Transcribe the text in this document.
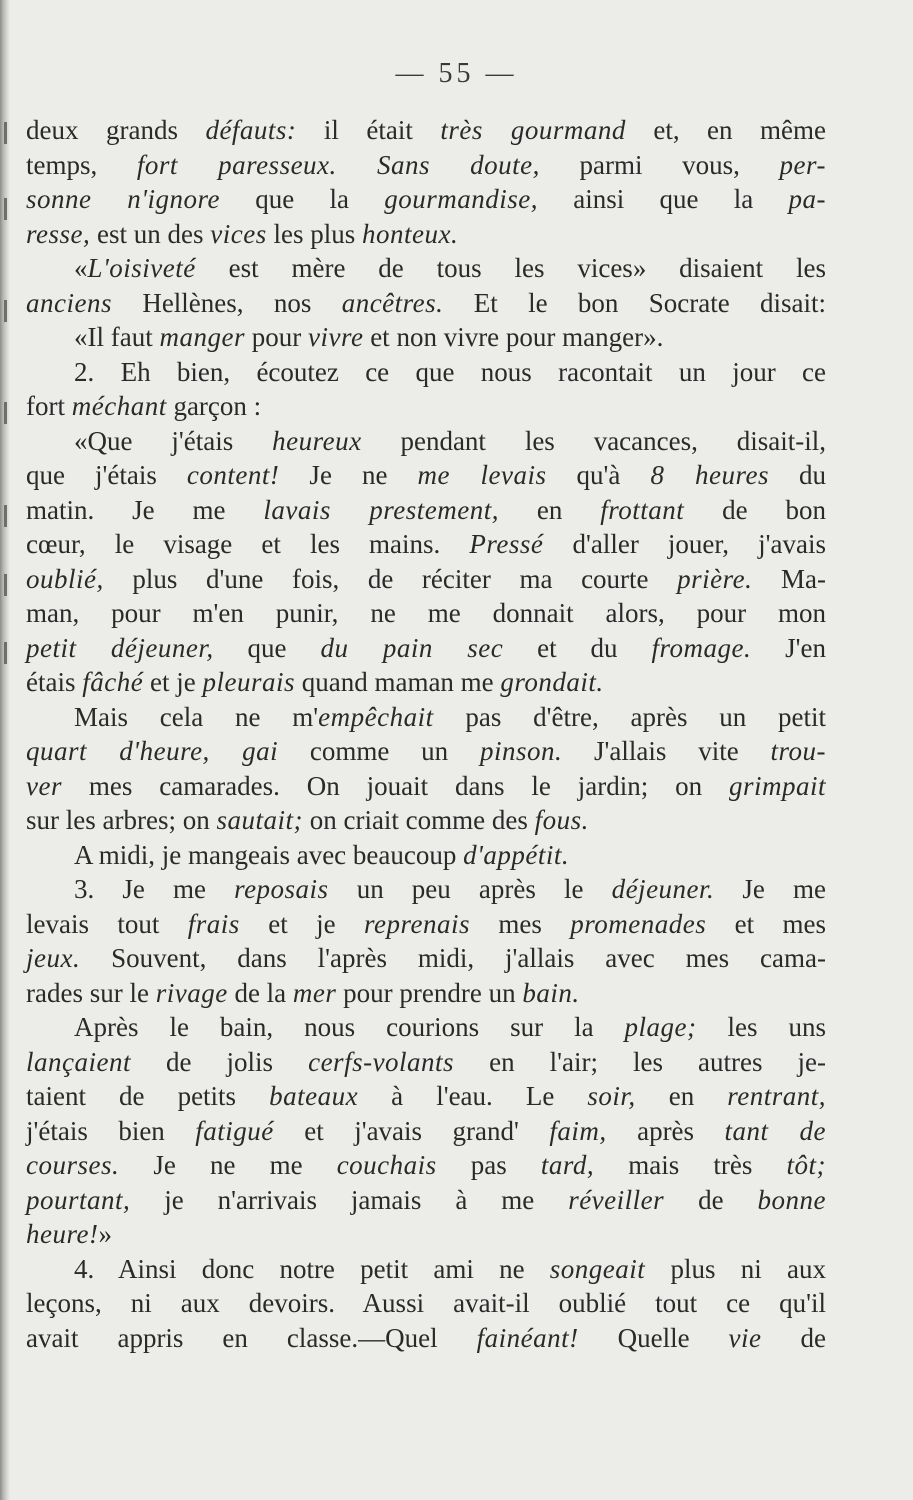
— 55 —
deux grands défauts: il était très gourmand et, en même
temps, fort paresseux. Sans doute, parmi vous, per-
sonne n'ignore que la gourmandise, ainsi que la pa-
resse, est un des vices les plus honteux.
«L'oisiveté est mère de tous les vices» disaient les
anciens Hellènes, nos ancêtres. Et le bon Socrate disait:
«Il faut manger pour vivre et non vivre pour manger».
2. Eh bien, écoutez ce que nous racontait un jour ce
fort méchant garçon :
«Que j'étais heureux pendant les vacances, disait-il,
que j'étais content! Je ne me levais qu'à 8 heures du
matin. Je me lavais prestement, en frottant de bon
cœur, le visage et les mains. Pressé d'aller jouer, j'avais
oublié, plus d'une fois, de réciter ma courte prière. Ma-
man, pour m'en punir, ne me donnait alors, pour mon
petit déjeuner, que du pain sec et du fromage. J'en
étais fâché et je pleurais quand maman me grondait.
Mais cela ne m'empêchait pas d'être, après un petit
quart d'heure, gai comme un pinson. J'allais vite trou-
ver mes camarades. On jouait dans le jardin; on grimpait
sur les arbres; on sautait; on criait comme des fous.
A midi, je mangeais avec beaucoup d'appétit.
3. Je me reposais un peu après le déjeuner. Je me
levais tout frais et je reprenais mes promenades et mes
jeux. Souvent, dans l'après midi, j'allais avec mes cama-
rades sur le rivage de la mer pour prendre un bain.
Après le bain, nous courions sur la plage; les uns
lançaient de jolis cerfs-volants en l'air; les autres je-
taient de petits bateaux à l'eau. Le soir, en rentrant,
j'étais bien fatigué et j'avais grand' faim, après tant de
courses. Je ne me couchais pas tard, mais très tôt;
pourtant, je n'arrivais jamais à me réveiller de bonne
heure!»
4. Ainsi donc notre petit ami ne songeait plus ni aux
leçons, ni aux devoirs. Aussi avait-il oublié tout ce qu'il
avait appris en classe.—Quel fainéant! Quelle vie de
